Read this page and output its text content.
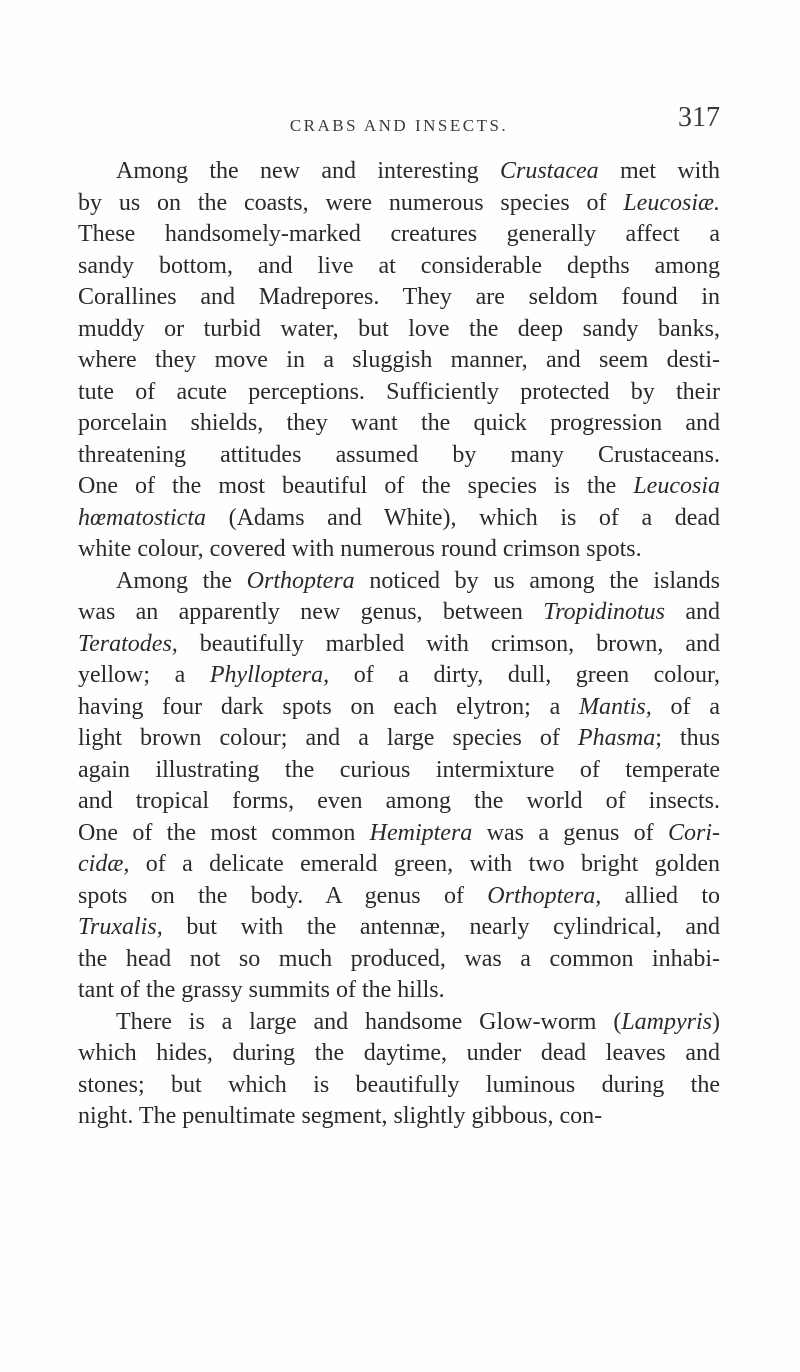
CRABS AND INSECTS.	317
Among the new and interesting Crustacea met with
by us on the coasts, were numerous species of Leucosiæ.
These handsomely-marked creatures generally affect a
sandy bottom, and live at considerable depths among
Corallines and Madrepores. They are seldom found in
muddy or turbid water, but love the deep sandy banks,
where they move in a sluggish manner, and seem desti-
tute of acute perceptions. Sufficiently protected by their
porcelain shields, they want the quick progression and
threatening attitudes assumed by many Crustaceans.
One of the most beautiful of the species is the Leucosia
hœmatosticta (Adams and White), which is of a dead
white colour, covered with numerous round crimson spots.
Among the Orthoptera noticed by us among the islands
was an apparently new genus, between Tropidinotus and
Teratodes, beautifully marbled with crimson, brown, and
yellow; a Phylloptera, of a dirty, dull, green colour,
having four dark spots on each elytron; a Mantis, of a
light brown colour; and a large species of Phasma; thus
again illustrating the curious intermixture of temperate
and tropical forms, even among the world of insects.
One of the most common Hemiptera was a genus of Cori-
cidæ, of a delicate emerald green, with two bright golden
spots on the body. A genus of Orthoptera, allied to
Truxalis, but with the antennæ, nearly cylindrical, and
the head not so much produced, was a common inhabi-
tant of the grassy summits of the hills.
There is a large and handsome Glow-worm (Lampyris)
which hides, during the daytime, under dead leaves and
stones; but which is beautifully luminous during the
night. The penultimate segment, slightly gibbous, con-
